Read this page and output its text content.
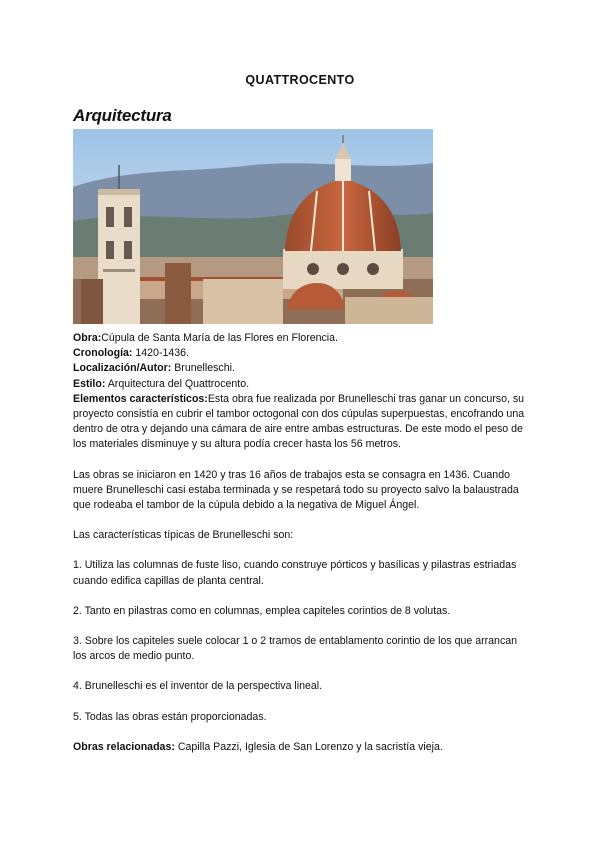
QUATTROCENTO
Arquitectura

Obra:Cúpula de Santa María de las Flores en Florencia.

Cronología: 1420-1436.

Localización/Autor: Brunelleschi.

Estilo: Arquitectura del Quattrocento.

Elementos característicos:Esta obra fue realizada por Brunelleschi tras ganar un concurso, su proyecto consistía en cubrir el tambor octogonal con dos cúpulas superpuestas, encofrando una dentro de otra y dejando una cámara de aire entre ambas estructuras. De este modo el peso de los materiales disminuye y su altura podía crecer hasta los 56 metros.

Las obras se iniciaron en 1420 y tras 16 años de trabajos esta se consagra en 1436. Cuando muere Brunelleschi casi estaba terminada y se respetará todo su proyecto salvo la balaustrada que rodeaba el tambor de la cúpula debido a la negativa de Miguel Ángel.

Las características típicas de Brunelleschi son:

1. Utiliza las columnas de fuste liso, cuando construye pórticos y basílicas y pilastras estriadas cuando edifica capillas de planta central.

2. Tanto en pilastras como en columnas, emplea capiteles corintios de 8 volutas.

3. Sobre los capiteles suele colocar 1 o 2 tramos de entablamento corintio de los que arrancan los arcos de medio punto.

4. Brunelleschi es el inventor de la perspectiva lineal.

5. Todas las obras están proporcionadas.

Obras relacionadas: Capilla Pazzi, Iglesia de San Lorenzo y la sacristía vieja.
